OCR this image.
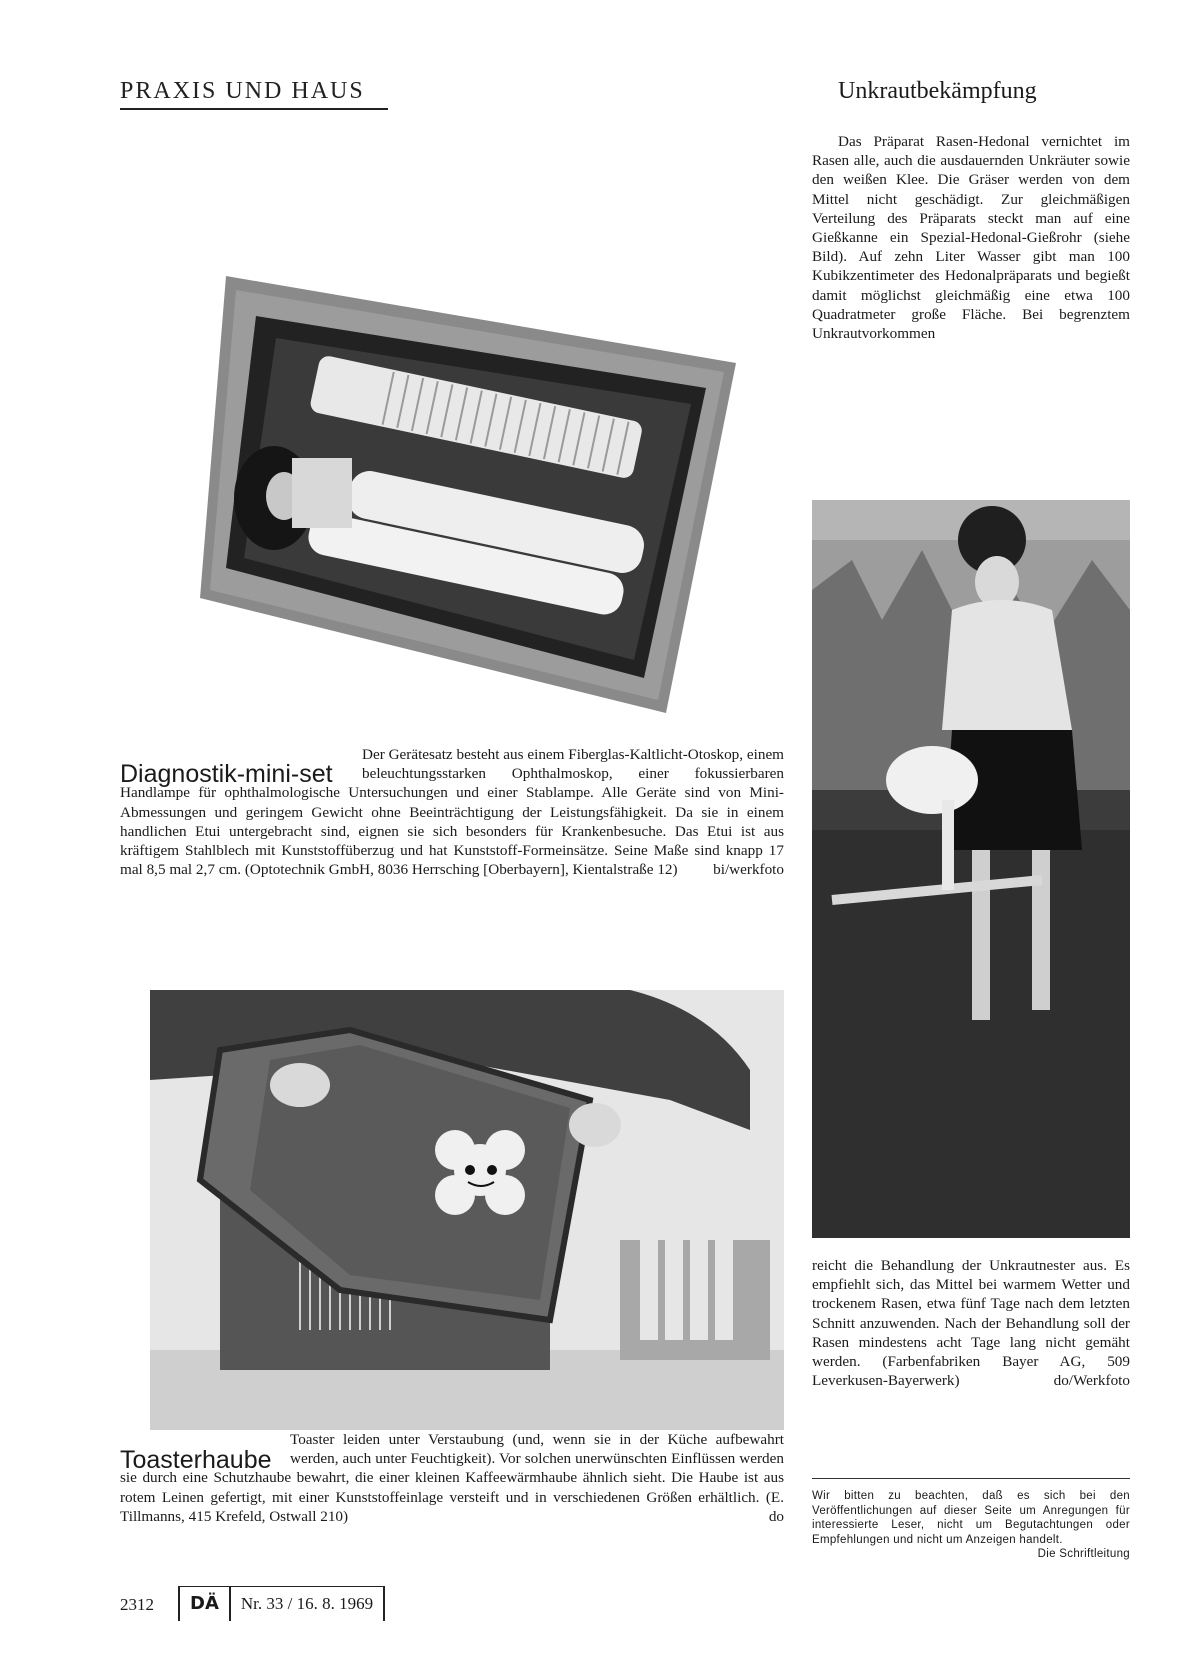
PRAXIS UND HAUS	Unkrautbekämpfung

Das Präparat Rasen-Hedonal vernichtet im Rasen alle, auch die ausdauernden Unkräuter sowie den weißen Klee. Die Gräser werden von dem Mittel nicht geschädigt. Zur gleichmäßigen Verteilung des Präparats steckt man auf eine Gießkanne ein Spezial-Hedonal-Gießrohr (siehe Bild). Auf zehn Liter Wasser gibt man 100 Kubikzentimeter des Hedonalpräparats und begießt damit möglichst gleichmäßig eine etwa 100 Quadratmeter große Fläche. Bei begrenztem Unkrautvorkommen

Diagnostik-mini-set
Der Gerätesatz besteht aus einem Fiberglas-Kaltlicht-Otoskop, einem beleuchtungsstarken Ophthalmoskop, einer fokussierbaren Handlampe für ophthalmologische Untersuchungen und einer Stablampe. Alle Geräte sind von Mini-Abmessungen und geringem Gewicht ohne Beeinträchtigung der Leistungsfähigkeit. Da sie in einem handlichen Etui untergebracht sind, eignen sie sich besonders für Krankenbesuche. Das Etui ist aus kräftigem Stahlblech mit Kunststoffüberzug und hat Kunststoff-Formeinsätze. Seine Maße sind knapp 17 mal 8,5 mal 2,7 cm. (Optotechnik GmbH, 8036 Herrsching [Oberbayern], Kientalstraße 12) bi/werkfoto
reicht die Behandlung der Unkrautnester aus. Es empfiehlt sich, das Mittel bei warmem Wetter und trockenem Rasen, etwa fünf Tage nach dem letzten Schnitt anzuwenden. Nach der Behandlung soll der Rasen mindestens acht Tage lang nicht gemäht werden. (Farbenfabriken Bayer AG, 509 Leverkusen-Bayerwerk)	do/Werkfoto
Toasterhaube
Toaster leiden unter Verstaubung (und, wenn sie in der Küche aufbewahrt werden, auch unter Feuchtigkeit). Vor solchen unerwünschten Einflüssen werden sie durch eine Schutzhaube bewahrt, die einer kleinen Kaffeewärmhaube ähnlich sieht. Die Haube ist aus rotem Leinen gefertigt, mit einer Kunststoffeinlage versteift und in verschiedenen Größen erhältlich. (E. Tillmanns, 415 Krefeld, Ostwall 210)	do
Wir bitten zu beachten, daß es sich bei den Veröffentlichungen auf dieser Seite um Anregungen für interessierte Leser, nicht um Begutachtungen oder Empfehlungen und nicht um Anzeigen handelt.
Die Schriftleitung
2312	DÄ	Nr. 33 / 16. 8. 1969
